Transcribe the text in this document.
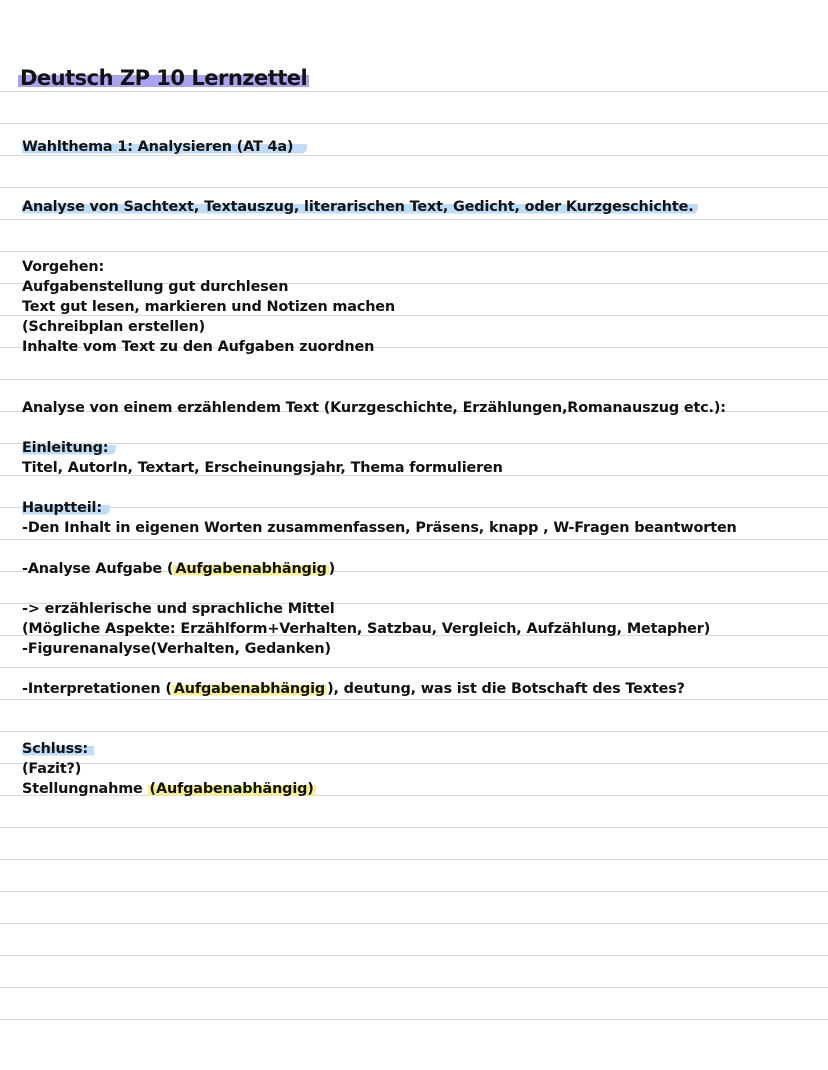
Deutsch ZP 10 Lernzettel
Wahlthema 1: Analysieren (AT 4a)
Analyse von Sachtext, Textauszug, literarischen Text, Gedicht, oder Kurzgeschichte.
Vorgehen:
Aufgabenstellung gut durchlesen
Text gut lesen, markieren und Notizen machen
(Schreibplan erstellen)
Inhalte vom Text zu den Aufgaben zuordnen
Analyse von einem erzählendem Text (Kurzgeschichte, Erzählungen,Romanauszug etc.):
Einleitung:
Titel, AutorIn, Textart, Erscheinungsjahr, Thema formulieren
Hauptteil:
-Den Inhalt in eigenen Worten zusammenfassen, Präsens, knapp , W-Fragen beantworten
-Analyse Aufgabe ( Aufgabenabhängig )
-> erzählerische und sprachliche Mittel
(Mögliche Aspekte: Erzählform+Verhalten, Satzbau, Vergleich, Aufzählung, Metapher)
-Figurenanalyse(Verhalten, Gedanken)
-Interpretationen ( Aufgabenabhängig ), deutung, was ist die Botschaft des Textes?
Schluss:
(Fazit?)
Stellungnahme (Aufgabenabhängig)
